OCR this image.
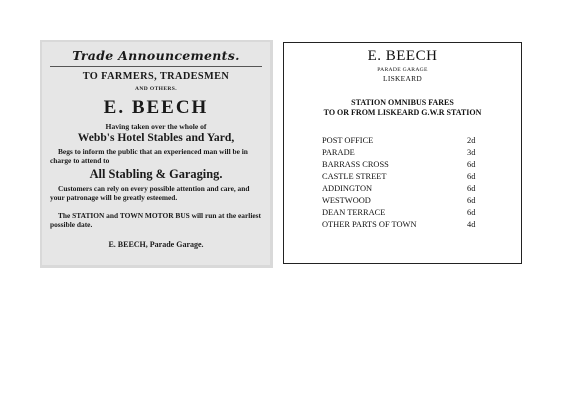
Trade Announcements.
TO FARMERS, TRADESMEN
AND OTHERS.
E. BEECH
Having taken over the whole of
Webb's Hotel Stables and Yard,
Begs to inform the public that an experienced man will be in charge to attend to
All Stabling & Garaging.
Customers can rely on every possible attention and care, and your patronage will be greatly esteemed.
The STATION and TOWN MOTOR BUS will run at the earliest possible date.
E. BEECH, Parade Garage.
E. BEECH
PARADE GARAGE
LISKEARD
STATION OMNIBUS FARES
TO OR FROM LISKEARD G.W.R STATION
POST OFFICE	2d
PARADE	3d
BARRASS CROSS	6d
CASTLE STREET	6d
ADDINGTON	6d
WESTWOOD	6d
DEAN TERRACE	6d
OTHER PARTS OF TOWN	4d
